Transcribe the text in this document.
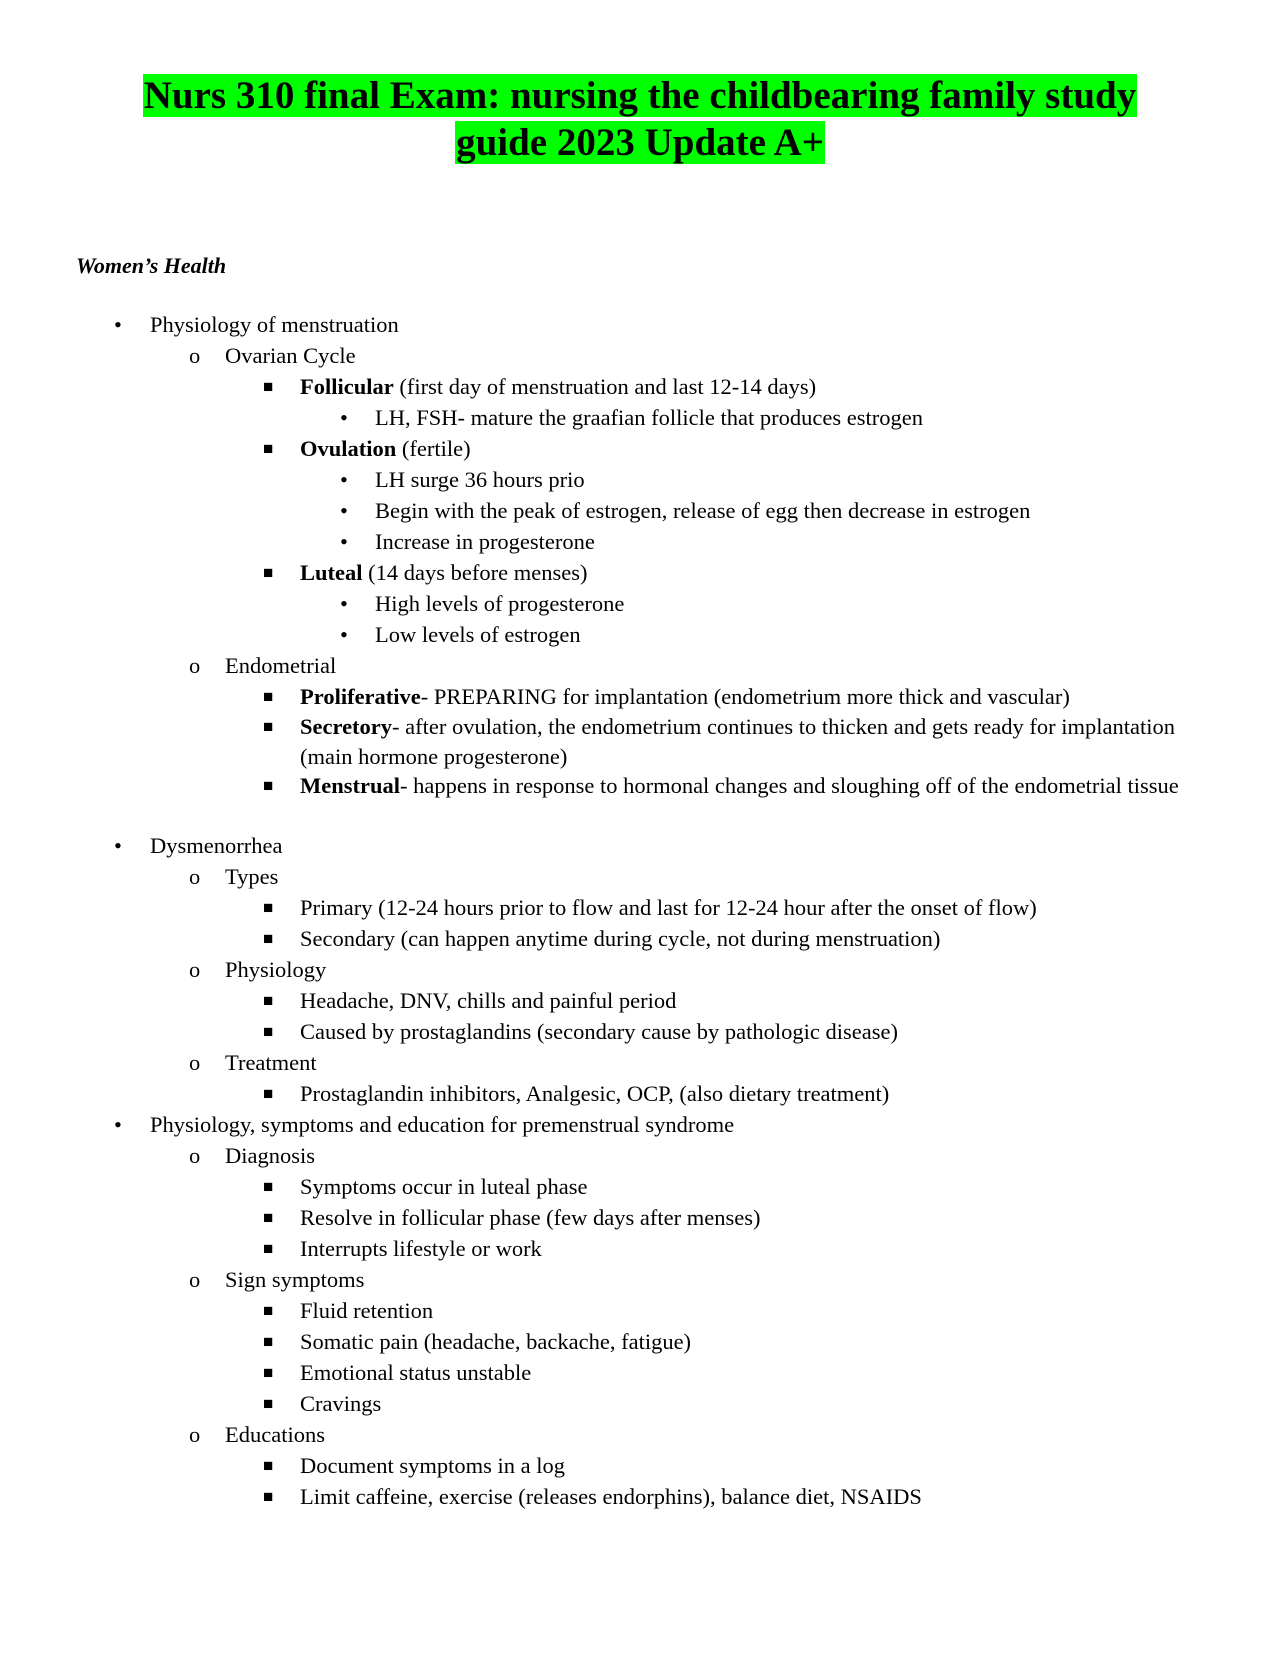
Nurs 310 final Exam: nursing the childbearing family study
guide 2023 Update A+
Women’s Health
• Physiology of menstruation
o Ovarian Cycle
■ Follicular (first day of menstruation and last 12-14 days)
• LH, FSH- mature the graafian follicle that produces estrogen
■ Ovulation (fertile)
• LH surge 36 hours prio
• Begin with the peak of estrogen, release of egg then decrease in estrogen
• Increase in progesterone
■ Luteal (14 days before menses)
• High levels of progesterone
• Low levels of estrogen
o Endometrial
■ Proliferative- PREPARING for implantation (endometrium more thick and vascular)
■ Secretory- after ovulation, the endometrium continues to thicken and gets ready for implantation (main hormone progesterone)
■ Menstrual- happens in response to hormonal changes and sloughing off of the endometrial tissue
• Dysmenorrhea
o Types
■ Primary (12-24 hours prior to flow and last for 12-24 hour after the onset of flow)
■ Secondary (can happen anytime during cycle, not during menstruation)
o Physiology
■ Headache, DNV, chills and painful period
■ Caused by prostaglandins (secondary cause by pathologic disease)
o Treatment
■ Prostaglandin inhibitors, Analgesic, OCP, (also dietary treatment)
• Physiology, symptoms and education for premenstrual syndrome
o Diagnosis
■ Symptoms occur in luteal phase
■ Resolve in follicular phase (few days after menses)
■ Interrupts lifestyle or work
o Sign symptoms
■ Fluid retention
■ Somatic pain (headache, backache, fatigue)
■ Emotional status unstable
■ Cravings
o Educations
■ Document symptoms in a log
■ Limit caffeine, exercise (releases endorphins), balance diet, NSAIDS
